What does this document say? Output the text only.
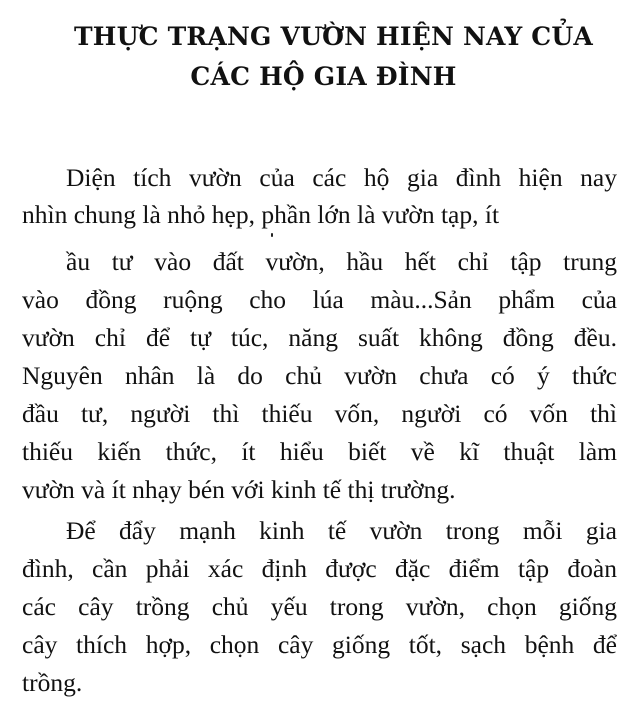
THỰC TRẠNG VƯỜN HIỆN NAY CỦA
CÁC HỘ GIA ĐÌNH
Diện tích vườn của các hộ gia đình hiện nay
nhìn chung là nhỏ hẹp, phần lớn là vườn tạp, ít
ầu tư vào đất vườn, hầu hết chỉ tập trung
vào đồng ruộng cho lúa màu...Sản phẩm của
vườn chỉ để tự túc, năng suất không đồng đều.
Nguyên nhân là do chủ vườn chưa có ý thức
đầu tư, người thì thiếu vốn, người có vốn thì
thiếu kiến thức, ít hiểu biết về kĩ thuật làm
vườn và ít nhạy bén với kinh tế thị trường.
Để đẩy mạnh kinh tế vườn trong mỗi gia
đình, cần phải xác định được đặc điểm tập đoàn
các cây trồng chủ yếu trong vườn, chọn giống
cây thích hợp, chọn cây giống tốt, sạch bệnh để
trồng.
